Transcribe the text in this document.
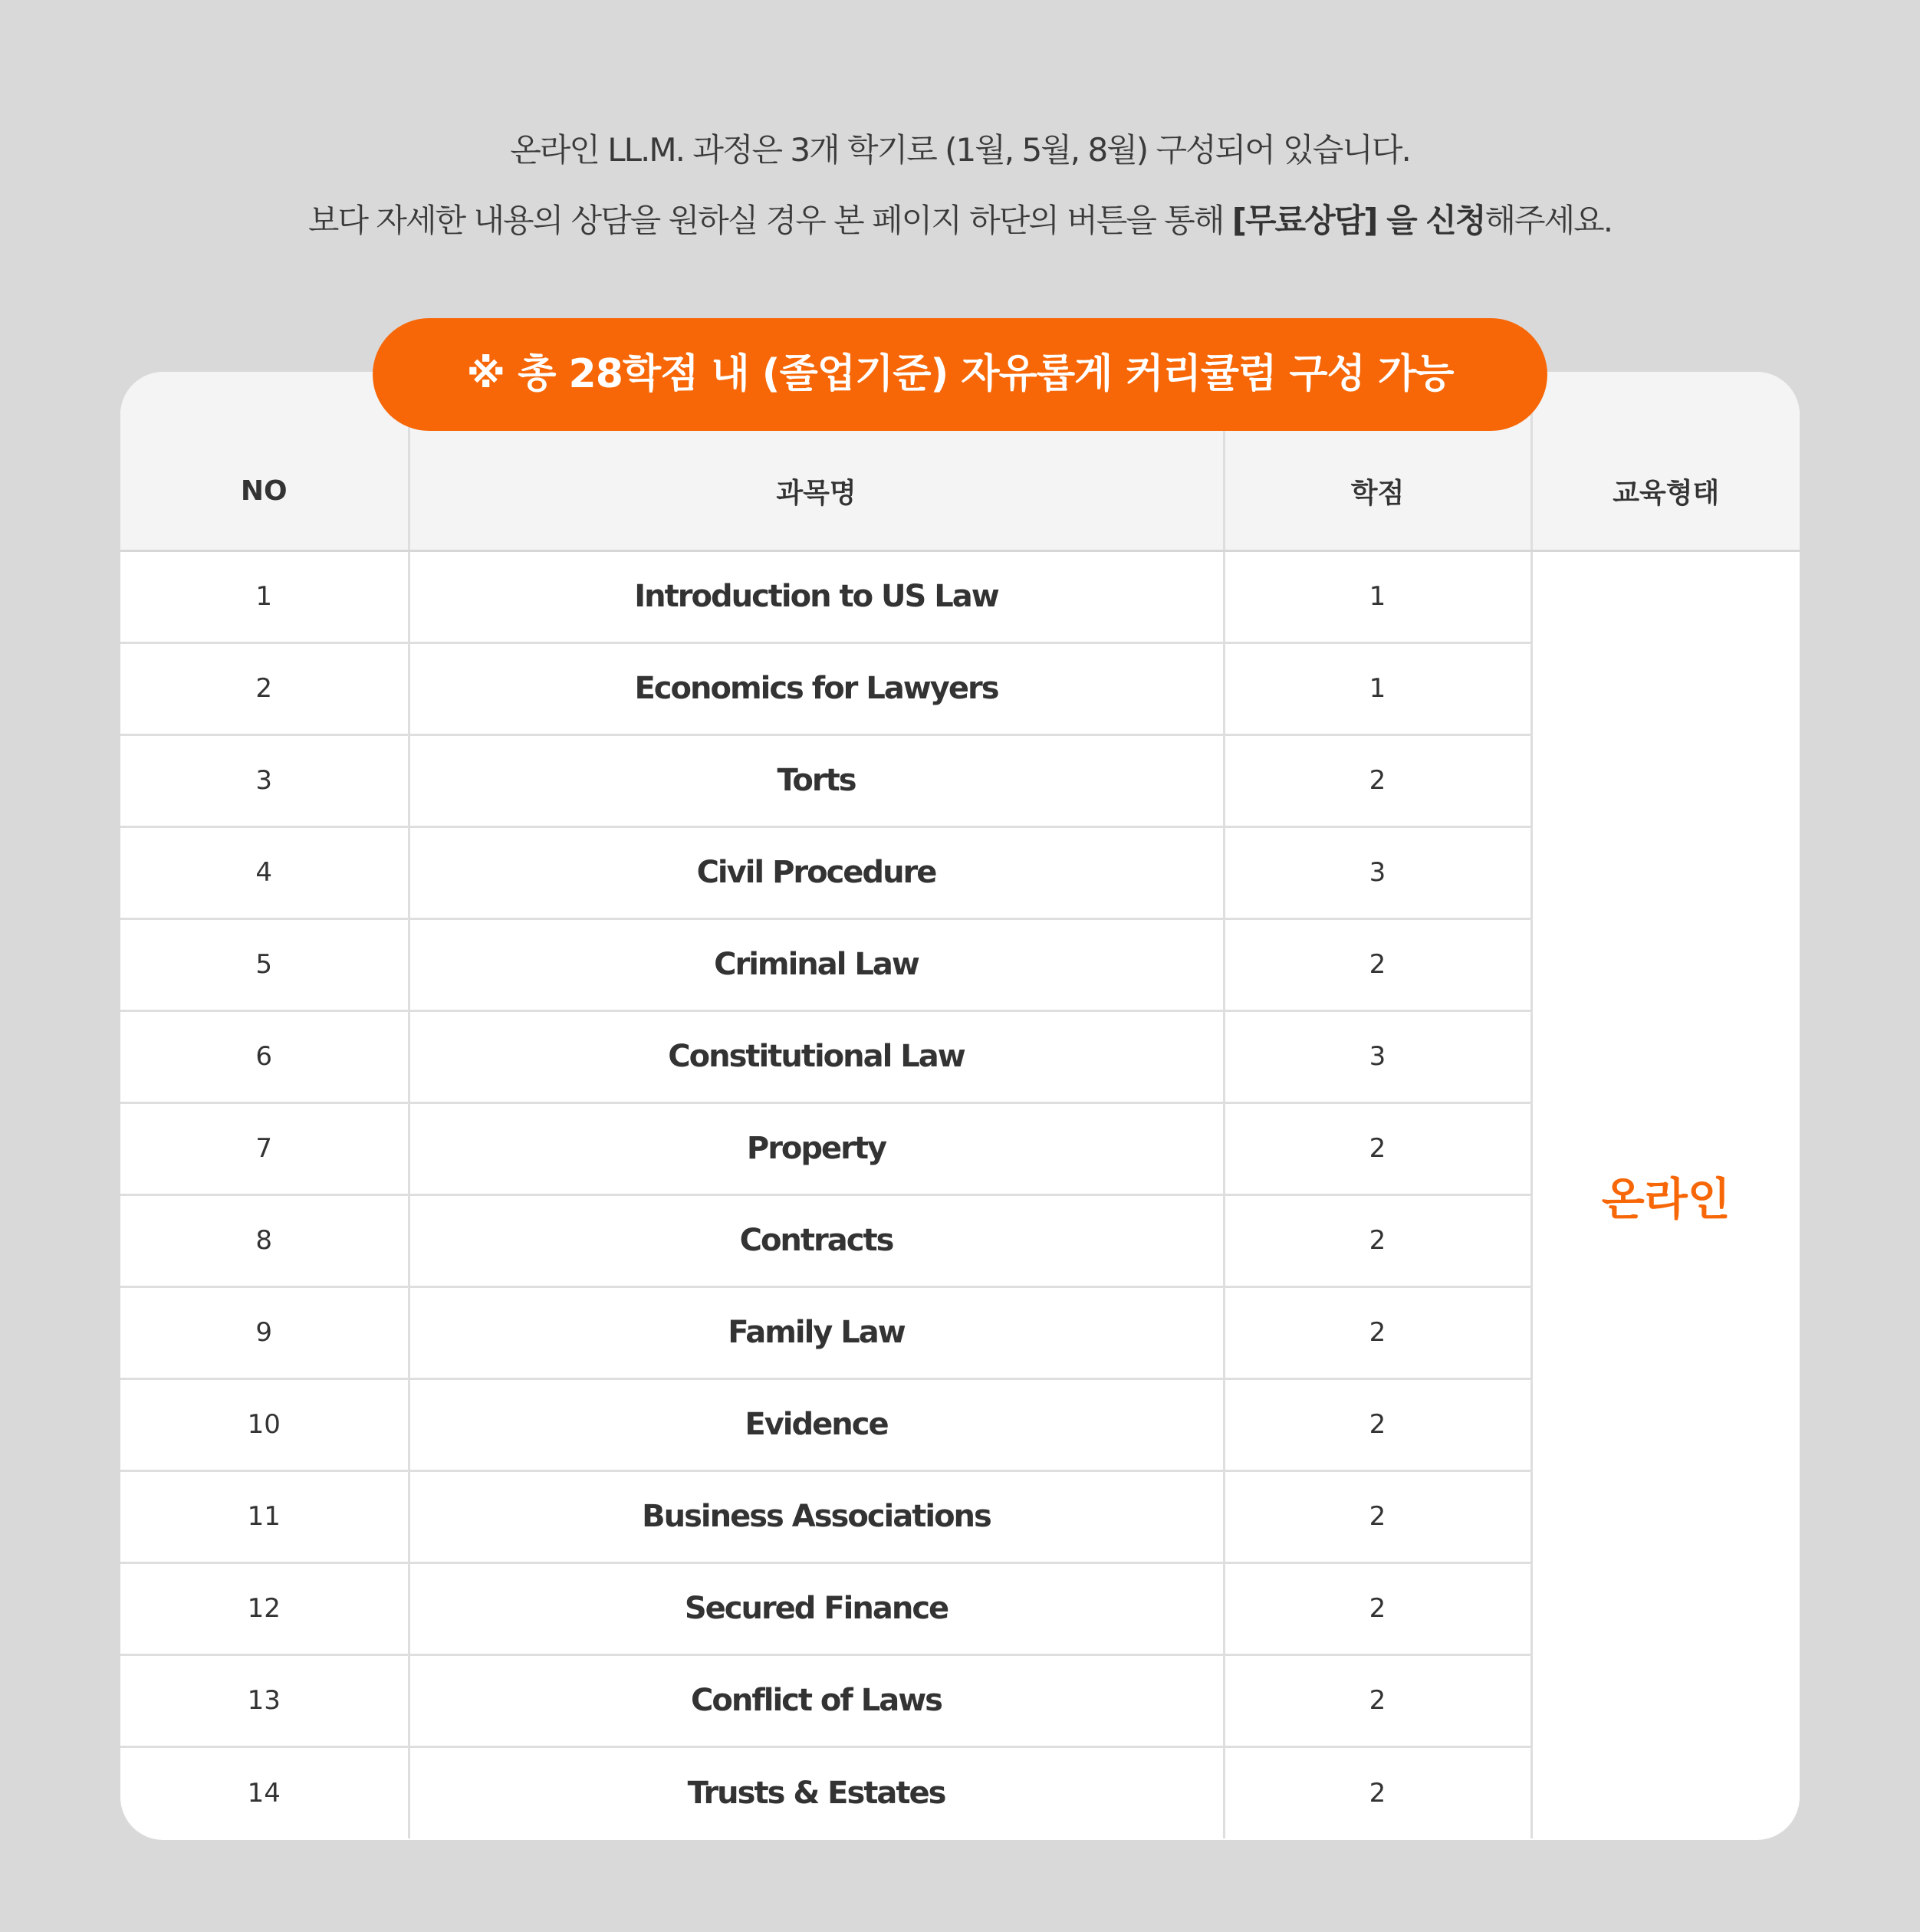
온라인 LL.M. 과정은 3개 학기로 (1월, 5월, 8월) 구성되어 있습니다.
보다 자세한 내용의 상담을 원하실 경우 본 페이지 하단의 버튼을 통해 [무료상담] 을 신청해주세요.
※ 총 28학점 내 (졸업기준) 자유롭게 커리큘럼 구성 가능
NO	과목명	학점	교육형태
1	Introduction to US Law	1	온라인
2	Economics for Lawyers	1	
3	Torts	2	
4	Civil Procedure	3	
5	Criminal Law	2	
6	Constitutional Law	3	
7	Property	2	
8	Contracts	2	
9	Family Law	2	
10	Evidence	2	
11	Business Associations	2	
12	Secured Finance	2	
13	Conflict of Laws	2	
14	Trusts & Estates	2	
